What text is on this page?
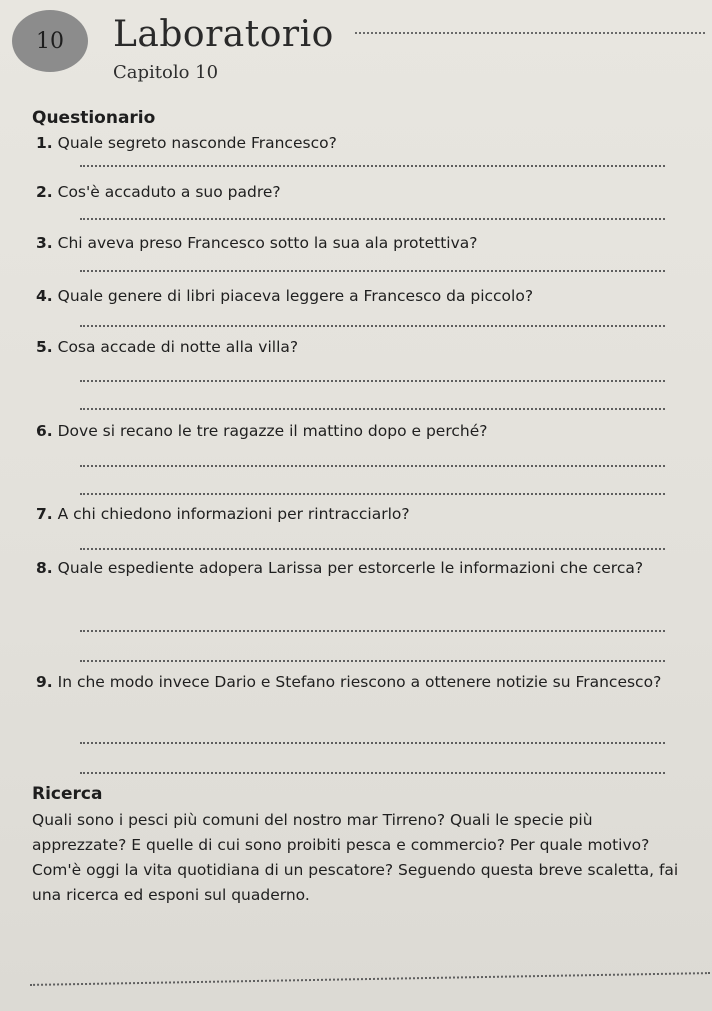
10 Laboratorio
Capitolo 10
Questionario
1. Quale segreto nasconde Francesco?
2. Cos'è accaduto a suo padre?
3. Chi aveva preso Francesco sotto la sua ala protettiva?
4. Quale genere di libri piaceva leggere a Francesco da piccolo?
5. Cosa accade di notte alla villa?
6. Dove si recano le tre ragazze il mattino dopo e perché?
7. A chi chiedono informazioni per rintracciarlo?
8. Quale espediente adopera Larissa per estorcerle le informazioni che cerca?
9. In che modo invece Dario e Stefano riescono a ottenere notizie su Francesco?
Ricerca
Quali sono i pesci più comuni del nostro mar Tirreno? Quali le specie più apprezzate? E quelle di cui sono proibiti pesca e commercio? Per quale motivo? Com'è oggi la vita quotidiana di un pescatore? Seguendo questa breve scaletta, fai una ricerca ed esponi sul quaderno.
